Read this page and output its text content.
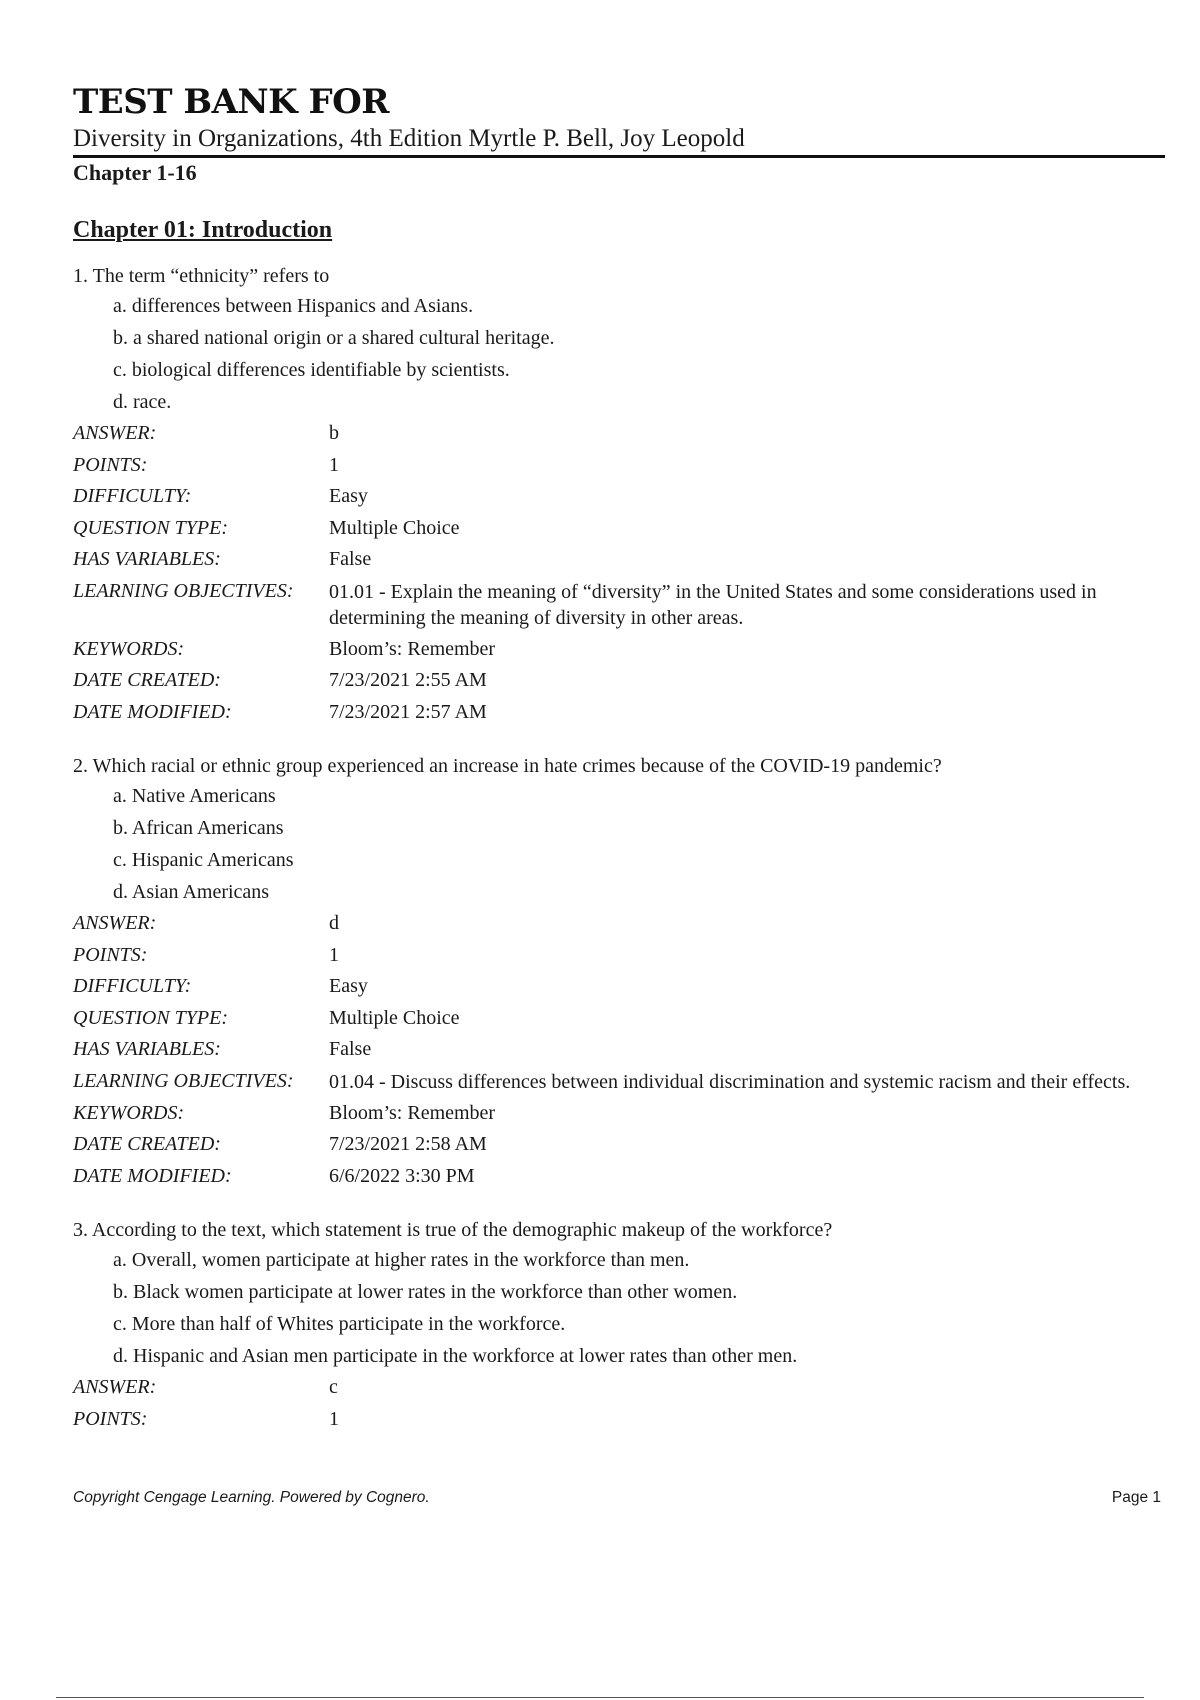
TEST BANK FOR
Diversity in Organizations, 4th Edition Myrtle P. Bell, Joy Leopold
Chapter 1-16
Chapter 01: Introduction
1. The term “ethnicity” refers to
a. differences between Hispanics and Asians.
b. a shared national origin or a shared cultural heritage.
c. biological differences identifiable by scientists.
d. race.
ANSWER:	b
POINTS:	1
DIFFICULTY:	Easy
QUESTION TYPE:	Multiple Choice
HAS VARIABLES:	False
LEARNING OBJECTIVES:	01.01 - Explain the meaning of “diversity” in the United States and some considerations used in determining the meaning of diversity in other areas.
KEYWORDS:	Bloom’s: Remember
DATE CREATED:	7/23/2021 2:55 AM
DATE MODIFIED:	7/23/2021 2:57 AM
2. Which racial or ethnic group experienced an increase in hate crimes because of the COVID-19 pandemic?
a. Native Americans
b. African Americans
c. Hispanic Americans
d. Asian Americans
ANSWER:	d
POINTS:	1
DIFFICULTY:	Easy
QUESTION TYPE:	Multiple Choice
HAS VARIABLES:	False
LEARNING OBJECTIVES:	01.04 - Discuss differences between individual discrimination and systemic racism and their effects.
KEYWORDS:	Bloom’s: Remember
DATE CREATED:	7/23/2021 2:58 AM
DATE MODIFIED:	6/6/2022 3:30 PM
3. According to the text, which statement is true of the demographic makeup of the workforce?
a. Overall, women participate at higher rates in the workforce than men.
b. Black women participate at lower rates in the workforce than other women.
c. More than half of Whites participate in the workforce.
d. Hispanic and Asian men participate in the workforce at lower rates than other men.
ANSWER:	c
POINTS:	1
Copyright Cengage Learning. Powered by Cognero.	Page 1
